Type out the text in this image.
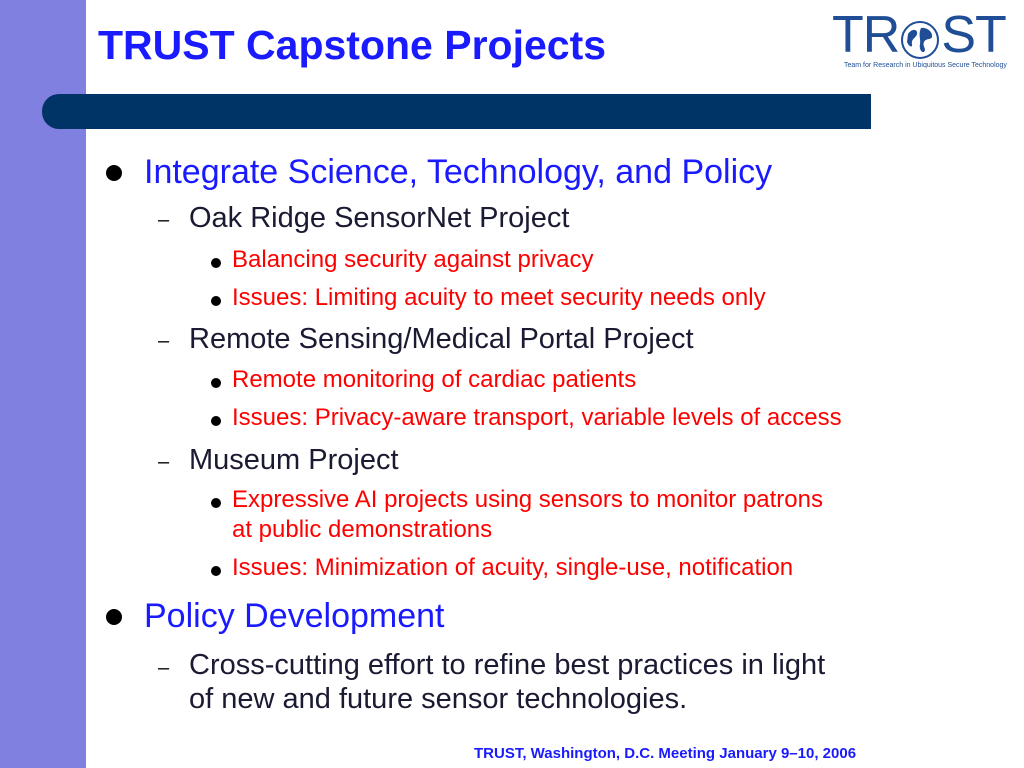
TRUST Capstone Projects	TR ST
Team for Research in Ubiquitous Secure Technology
Integrate Science, Technology, and Policy
– Oak Ridge SensorNet Project
Balancing security against privacy
Issues: Limiting acuity to meet security needs only
– Remote Sensing/Medical Portal Project
Remote monitoring of cardiac patients
Issues: Privacy-aware transport, variable levels of access
– Museum Project
Expressive AI projects using sensors to monitor patrons
at public demonstrations
Issues: Minimization of acuity, single-use, notification
Policy Development
– Cross-cutting effort to refine best practices in light
of new and future sensor technologies.
TRUST, Washington, D.C. Meeting January 9–10, 2006
